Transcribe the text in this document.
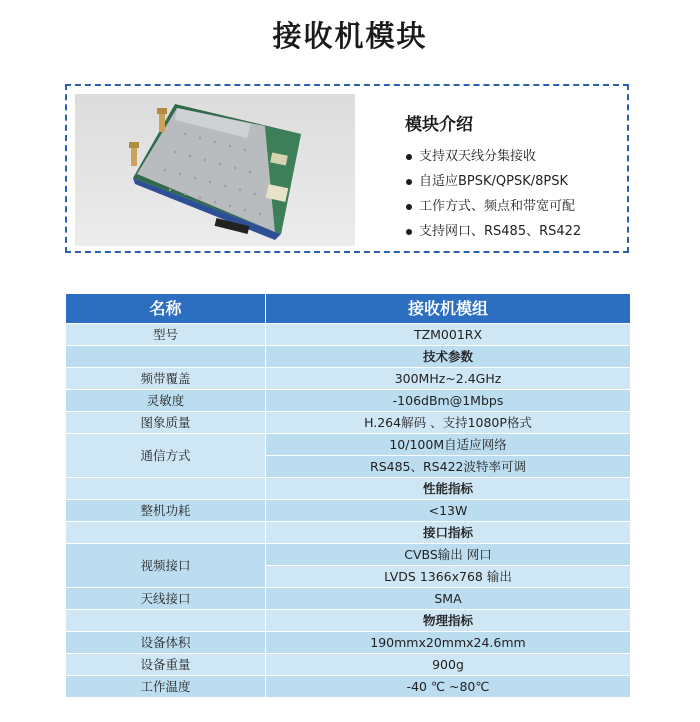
接收机模块
模块介绍
支持双天线分集接收
自适应BPSK/QPSK/8PSK
工作方式、频点和带宽可配
支持网口、RS485、RS422
名称	接收机模组
型号	TZM001RX
	技术参数
频带覆盖	300MHz~2.4GHz
灵敏度	-106dBm@1Mbps
图象质量	H.264解码 、支持1080P格式
通信方式	10/100M自适应网络
	RS485、RS422波特率可调
	性能指标
整机功耗	<13W
	接口指标
视频接口	CVBS输出 网口
	LVDS 1366x768 输出
天线接口	SMA
	物理指标
设备体积	190mmx20mmx24.6mm
设备重量	900g
工作温度	-40 ℃ ~80℃
